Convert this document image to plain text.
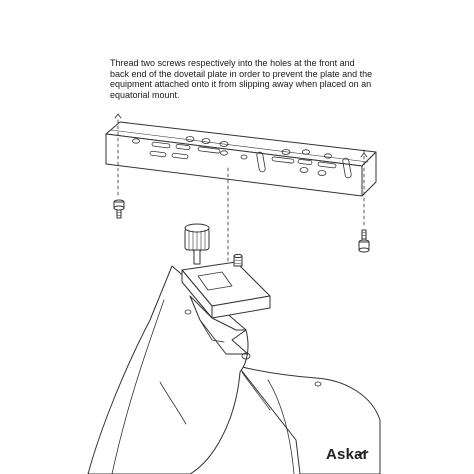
Thread two screws respectively into the holes at the front and
back end of the dovetail plate in order to prevent the plate and the
equipment attached onto it from slipping away when placed on an
equatorial mount.
Askar
